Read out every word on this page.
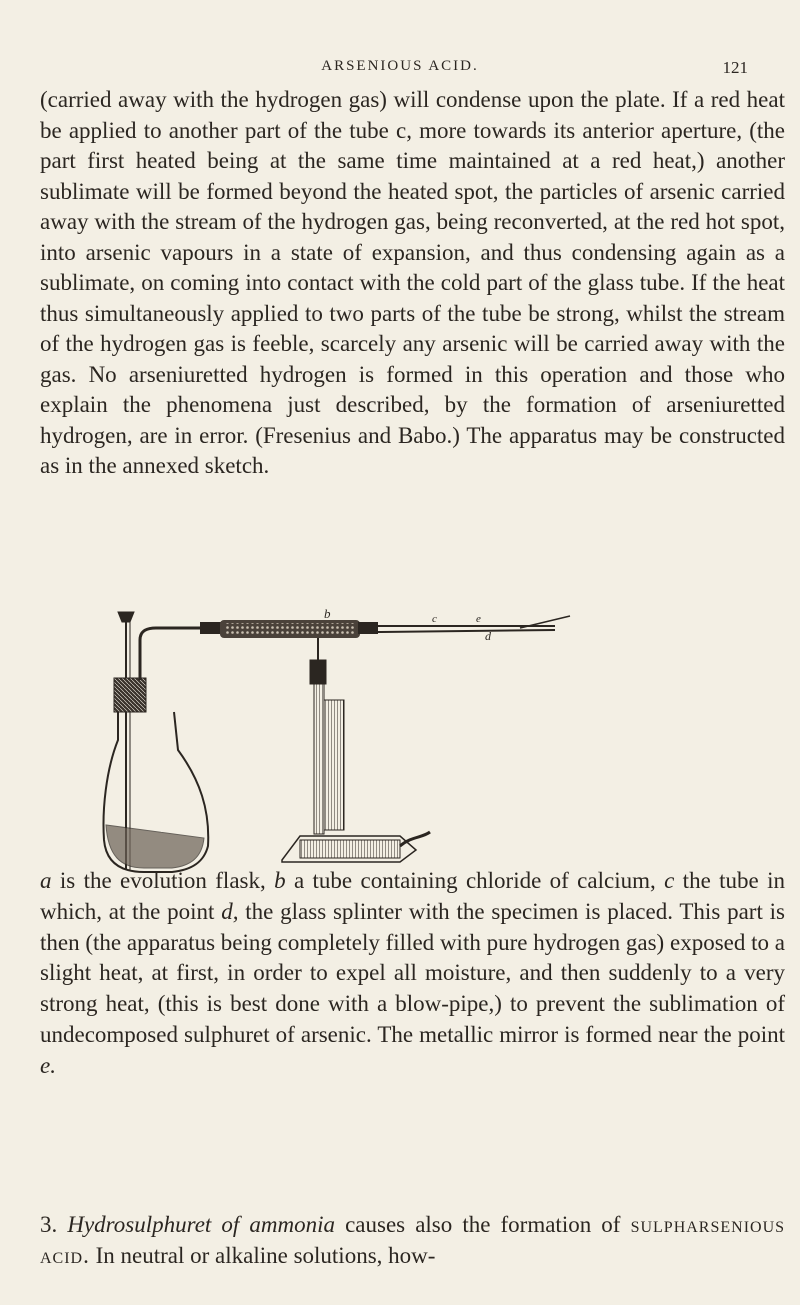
ARSENIOUS ACID.	121

(carried away with the hydrogen gas) will condense upon the plate. If a red heat be applied to another part of the tube c, more towards its anterior aperture, (the part first heated being at the same time maintained at a red heat,) another sublimate will be formed beyond the heated spot, the particles of arsenic carried away with the stream of the hydrogen gas, being reconverted, at the red hot spot, into arsenic vapours in a state of expansion, and thus condensing again as a sublimate, on coming into contact with the cold part of the glass tube. If the heat thus simultaneously applied to two parts of the tube be strong, whilst the stream of the hydrogen gas is feeble, scarcely any arsenic will be carried away with the gas. No arseniuretted hydrogen is formed in this operation and those who explain the phenomena just described, by the formation of arseniuretted hydrogen, are in error. (Fresenius and Babo.) The apparatus may be constructed as in the annexed sketch.

b	c
d
e
a

a is the evolution flask, b a tube containing chloride of calcium, c the tube in which, at the point d, the glass splinter with the specimen is placed. This part is then (the apparatus being completely filled with pure hydrogen gas) exposed to a slight heat, at first, in order to expel all moisture, and then suddenly to a very strong heat, (this is best done with a blow-pipe,) to prevent the sublimation of undecomposed sulphuret of arsenic. The metallic mirror is formed near the point e.

3. Hydrosulphuret of ammonia causes also the formation of sulpharsenious acid. In neutral or alkaline solutions, how-
